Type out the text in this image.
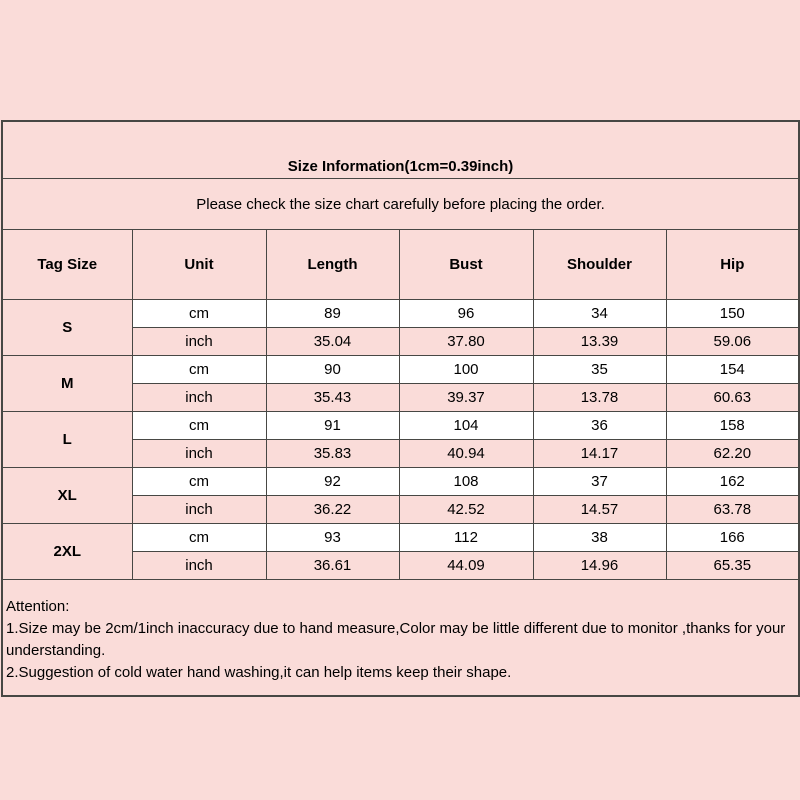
Size Information(1cm=0.39inch)					
Please check the size chart carefully before placing the order.					
Tag Size	Unit	Length	Bust	Shoulder	Hip
S	cm	89	96	34	150
	inch	35.04	37.80	13.39	59.06
M	cm	90	100	35	154
	inch	35.43	39.37	13.78	60.63
L	cm	91	104	36	158
	inch	35.83	40.94	14.17	62.20
XL	cm	92	108	37	162
	inch	36.22	42.52	14.57	63.78
2XL	cm	93	112	38	166
	inch	36.61	44.09	14.96	65.35

Attention:
1.Size may be 2cm/1inch inaccuracy due to hand measure,Color may be little different due to monitor ,thanks for your understanding.
2.Suggestion of cold water hand washing,it can help items keep their shape.					
